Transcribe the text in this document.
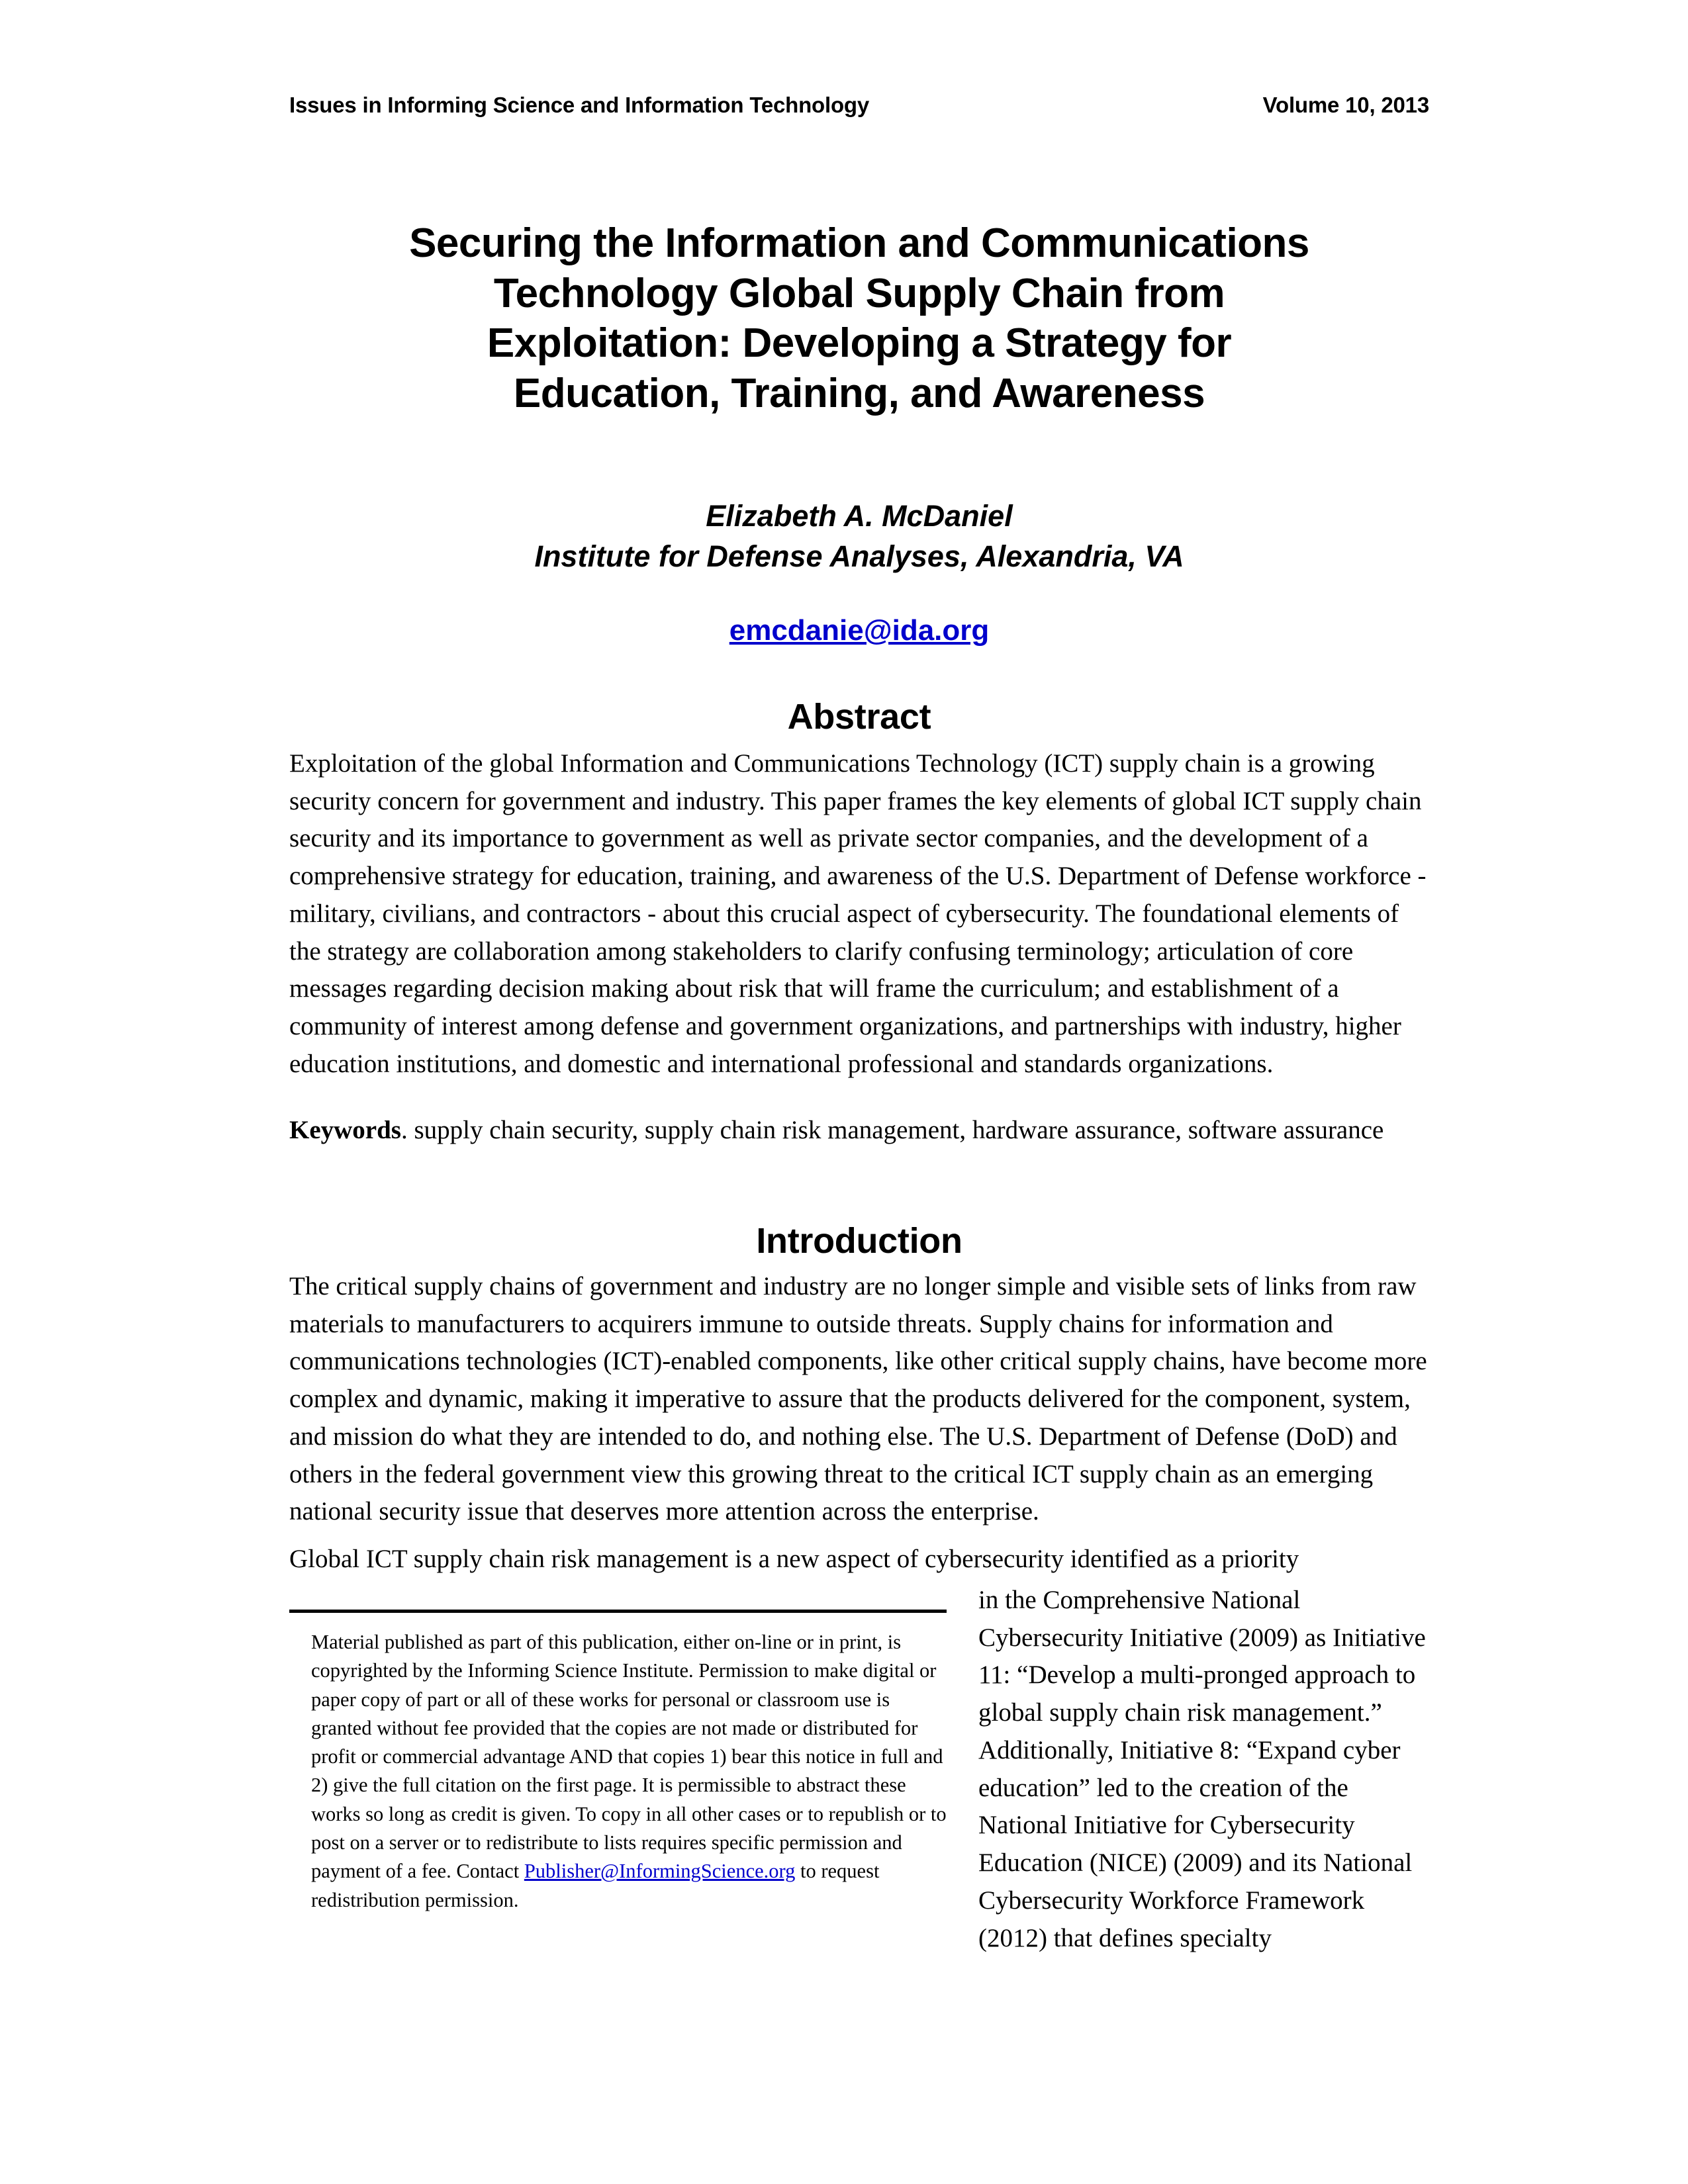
Issues in Informing Science and Information Technology	Volume 10, 2013
Securing the Information and Communications
Technology Global Supply Chain from
Exploitation: Developing a Strategy for
Education, Training, and Awareness
Elizabeth A. McDaniel
Institute for Defense Analyses, Alexandria, VA
emcdanie@ida.org
Abstract

Exploitation of the global Information and Communications Technology (ICT) supply chain is a growing security concern for government and industry. This paper frames the key elements of global ICT supply chain security and its importance to government as well as private sector companies, and the development of a comprehensive strategy for education, training, and awareness of the U.S. Department of Defense workforce - military, civilians, and contractors - about this crucial aspect of cybersecurity. The foundational elements of the strategy are collaboration among stakeholders to clarify confusing terminology; articulation of core messages regarding decision making about risk that will frame the curriculum; and establishment of a community of interest among defense and government organizations, and partnerships with industry, higher education institutions, and domestic and international professional and standards organizations.

Keywords. supply chain security, supply chain risk management, hardware assurance, software assurance

Introduction

The critical supply chains of government and industry are no longer simple and visible sets of links from raw materials to manufacturers to acquirers immune to outside threats. Supply chains for information and communications technologies (ICT)-enabled components, like other critical supply chains, have become more complex and dynamic, making it imperative to assure that the products delivered for the component, system, and mission do what they are intended to do, and nothing else. The U.S. Department of Defense (DoD) and others in the federal government view this growing threat to the critical ICT supply chain as an emerging national security issue that deserves more attention across the enterprise.

Global ICT supply chain risk management is a new aspect of cybersecurity identified as a priority

Material published as part of this publication, either on-line or in print, is copyrighted by the Informing Science Institute. Permission to make digital or paper copy of part or all of these works for personal or classroom use is granted without fee provided that the copies are not made or distributed for profit or commercial advantage AND that copies 1) bear this notice in full and 2) give the full citation on the first page. It is permissible to abstract these works so long as credit is given. To copy in all other cases or to republish or to post on a server or to redistribute to lists requires specific permission and payment of a fee. Contact Publisher@InformingScience.org to request redistribution permission.

in the Comprehensive National Cybersecurity Initiative (2009) as Initiative 11: “Develop a multi-pronged approach to global supply chain risk management.” Additionally, Initiative 8: “Expand cyber education” led to the creation of the National Initiative for Cybersecurity Education (NICE) (2009) and its National Cybersecurity Workforce Framework (2012) that defines specialty
